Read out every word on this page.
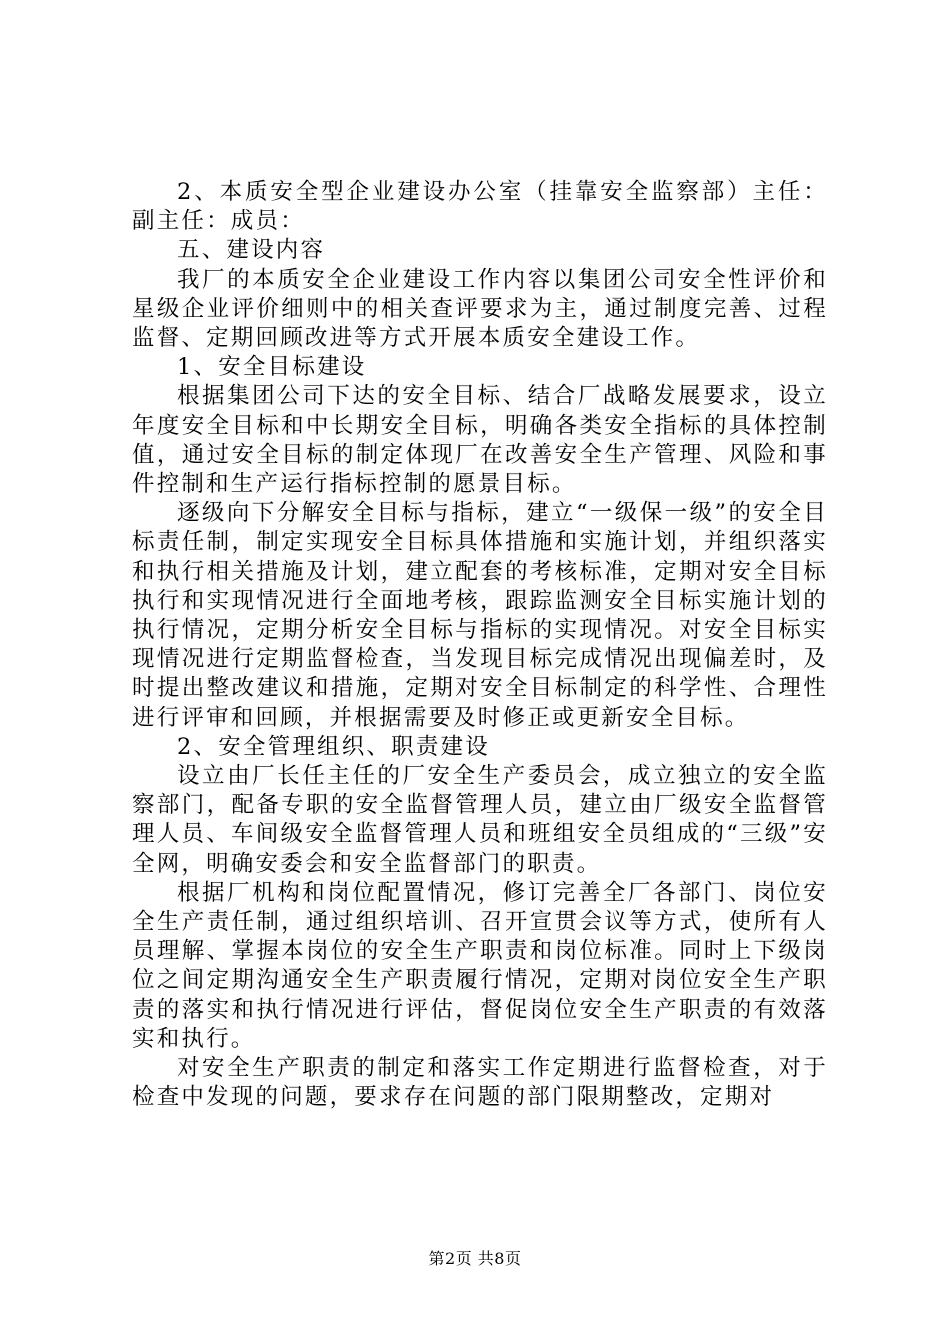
2、本质安全型企业建设办公室（挂靠安全监察部）主任：副主任：成员：

五、建设内容

我厂的本质安全企业建设工作内容以集团公司安全性评价和星级企业评价细则中的相关查评要求为主，通过制度完善、过程监督、定期回顾改进等方式开展本质安全建设工作。

1、安全目标建设

根据集团公司下达的安全目标、结合厂战略发展要求，设立年度安全目标和中长期安全目标，明确各类安全指标的具体控制值，通过安全目标的制定体现厂在改善安全生产管理、风险和事件控制和生产运行指标控制的愿景目标。

逐级向下分解安全目标与指标，建立“一级保一级”的安全目标责任制，制定实现安全目标具体措施和实施计划，并组织落实和执行相关措施及计划，建立配套的考核标准，定期对安全目标执行和实现情况进行全面地考核，跟踪监测安全目标实施计划的执行情况，定期分析安全目标与指标的实现情况。对安全目标实现情况进行定期监督检查，当发现目标完成情况出现偏差时，及时提出整改建议和措施，定期对安全目标制定的科学性、合理性进行评审和回顾，并根据需要及时修正或更新安全目标。

2、安全管理组织、职责建设

设立由厂长任主任的厂安全生产委员会，成立独立的安全监察部门，配备专职的安全监督管理人员，建立由厂级安全监督管理人员、车间级安全监督管理人员和班组安全员组成的“三级”安全网，明确安委会和安全监督部门的职责。

根据厂机构和岗位配置情况，修订完善全厂各部门、岗位安全生产责任制，通过组织培训、召开宣贯会议等方式，使所有人员理解、掌握本岗位的安全生产职责和岗位标准。同时上下级岗位之间定期沟通安全生产职责履行情况，定期对岗位安全生产职责的落实和执行情况进行评估，督促岗位安全生产职责的有效落实和执行。

对安全生产职责的制定和落实工作定期进行监督检查，对于检查中发现的问题，要求存在问题的部门限期整改，定期对

第2页 共8页
